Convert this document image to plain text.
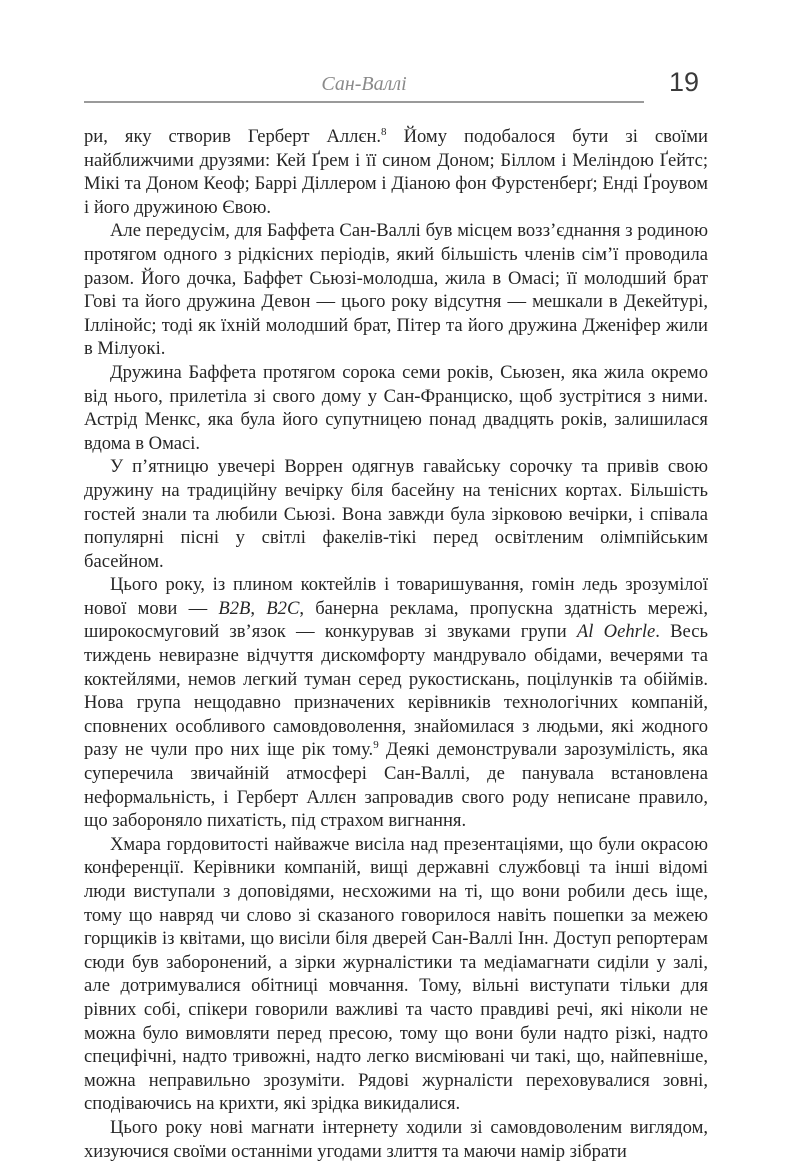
Сан-Валлі	19

ри, яку створив Герберт Аллєн.$^8$ Йому подобалося бути зі своїми найближчими друзями: Кей Ґрем і її сином Доном; Біллом і Меліндою Ґейтс; Мікі та Доном Кеоф; Баррі Діллером і Діаною фон Фурстенберґ; Енді Ґроувом і його дружиною Євою.

Але передусім, для Баффета Сан-Валлі був місцем возз’єднання з родиною протягом одного з рідкісних періодів, який більшість членів сім’ї проводила разом. Його дочка, Баффет Сьюзі-молодша, жила в Омасі; її молодший брат Гові та його дружина Девон — цього року відсутня — мешкали в Декейтурі, Іллінойс; тоді як їхній молодший брат, Пітер та його дружина Дженіфер жили в Мілуокі.

Дружина Баффета протягом сорока семи років, Сьюзен, яка жила окремо від нього, прилетіла зі свого дому у Сан-Франциско, щоб зустрітися з ними. Астрід Менкс, яка була його супутницею понад двадцять років, залишилася вдома в Омасі.

У п’ятницю увечері Воррен одягнув гавайську сорочку та привів свою дружину на традиційну вечірку біля басейну на тенісних кортах. Більшість гостей знали та любили Сьюзі. Вона завжди була зірковою вечірки, і співала популярні пісні у світлі факелів-тікі перед освітленим олімпійським басейном.

Цього року, із плином коктейлів і товаришування, гомін ледь зрозумілої нової мови — B2B, B2C, банерна реклама, пропускна здатність мережі, широкосмуговий зв’язок — конкурував зі звуками групи Al Oehrle. Весь тиждень невиразне відчуття дискомфорту мандрувало обідами, вечерями та коктейлями, немов легкий туман серед рукостискань, поцілунків та обіймів. Нова група нещодавно призначених керівників технологічних компаній, сповнених особливого самовдоволення, знайомилася з людьми, які жодного разу не чули про них іще рік тому.$^9$ Деякі демонстрували зарозумілість, яка суперечила звичайній атмосфері Сан-Валлі, де панувала встановлена неформальність, і Герберт Аллєн запровадив свого роду неписане правило, що забороняло пихатість, під страхом вигнання.

Хмара гордовитості найважче висіла над презентаціями, що були окрасою конференції. Керівники компаній, вищі державні службовці та інші відомі люди виступали з доповідями, несхожими на ті, що вони робили десь іще, тому що навряд чи слово зі сказаного говорилося навіть пошепки за межею горщиків із квітами, що висіли біля дверей Сан-Валлі Інн. Доступ репортерам сюди був заборонений, а зірки журналістики та медіамагнати сиділи у залі, але дотримувалися обітниці мовчання. Тому, вільні виступати тільки для рівних собі, спікери говорили важливі та часто правдиві речі, які ніколи не можна було вимовляти перед пресою, тому що вони були надто різкі, надто специфічні, надто тривожні, надто легко висміювані чи такі, що, найпевніше, можна неправильно зрозуміти. Рядові журналісти переховувалися зовні, сподіваючись на крихти, які зрідка викидалися.

Цього року нові магнати інтернету ходили зі самовдоволеним виглядом, хизуючися своїми останніми угодами злиття та маючи намір зібрати
